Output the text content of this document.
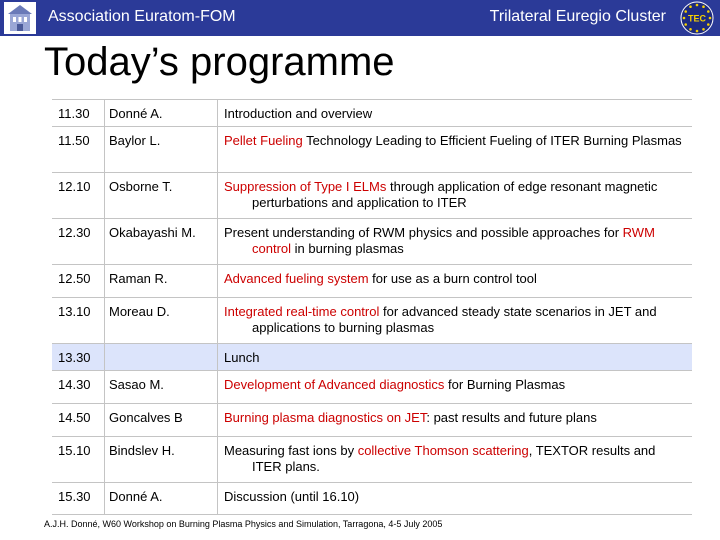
Association Euratom-FOM	Trilateral Euregio Cluster TEC
Today’s programme
11.30	Donné A.	Introduction and overview

11.50	Baylor L.	Pellet Fueling Technology Leading to Efficient Fueling of ITER Burning Plasmas

12.10	Osborne T.	Suppression of Type I ELMs through application of edge resonant magnetic perturbations and application to ITER

12.30	Okabayashi M.	Present understanding of RWM physics and possible approaches for RWM control in burning plasmas

12.50	Raman R.	Advanced fueling system for use as a burn control tool

13.10	Moreau D.	Integrated real-time control for advanced steady state scenarios in JET and applications to burning plasmas

13.30		Lunch

14.30	Sasao M.	Development of Advanced diagnostics for Burning Plasmas

14.50	Goncalves B	Burning plasma diagnostics on JET: past results and future plans

15.10	Bindslev H.	Measuring fast ions by collective Thomson scattering, TEXTOR results and ITER plans.

15.30	Donné A.	Discussion (until 16.10)
A.J.H. Donné, W60 Workshop on Burning Plasma Physics and Simulation, Tarragona, 4-5 July 2005
